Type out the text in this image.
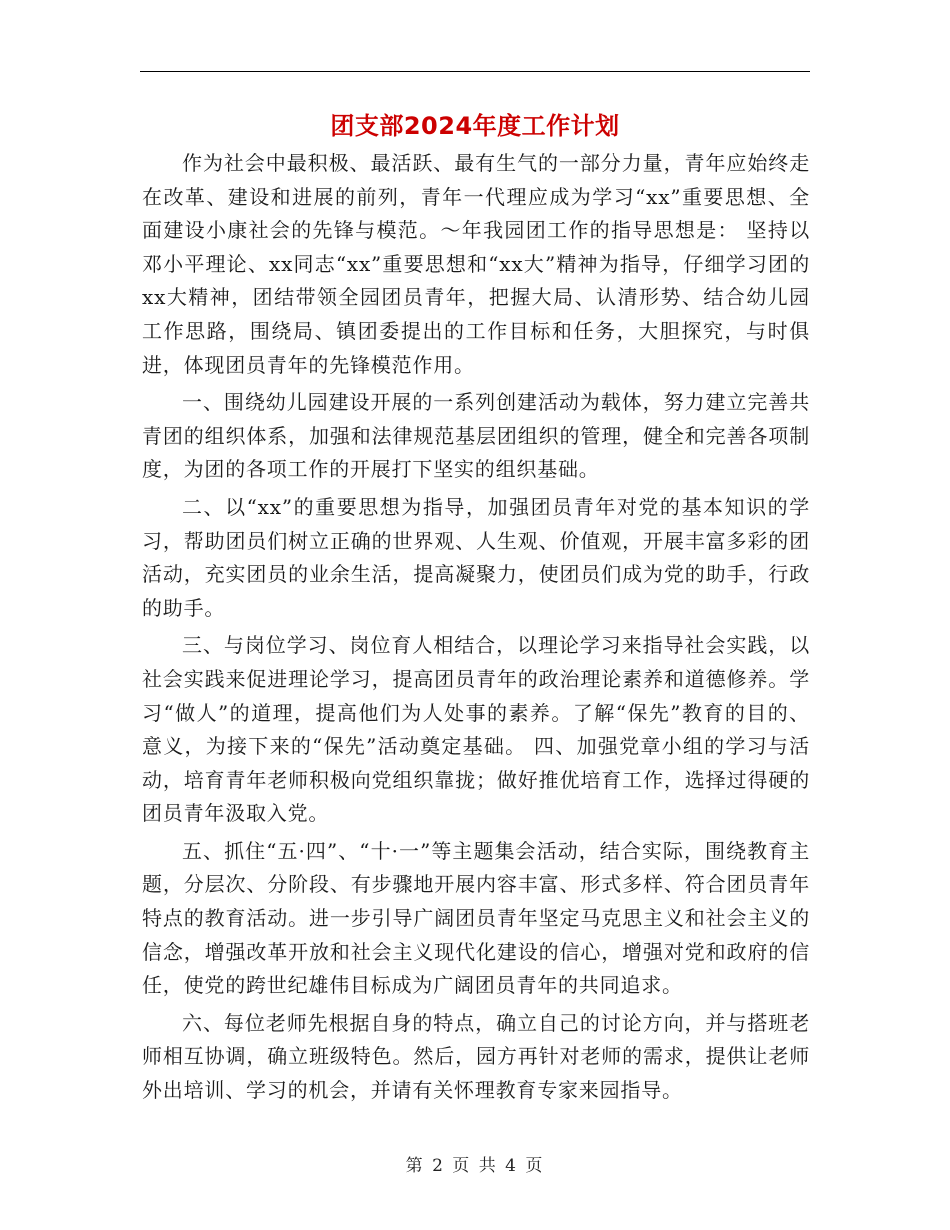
团支部2024年度工作计划

作为社会中最积极、最活跃、最有生气的一部分力量，青年应始终走在改革、建设和进展的前列，青年一代理应成为学习“xx”重要思想、全面建设小康社会的先锋与模范。～年我园团工作的指导思想是： 坚持以邓小平理论、xx同志“xx”重要思想和“xx大”精神为指导，仔细学习团的xx大精神，团结带领全园团员青年，把握大局、认清形势、结合幼儿园工作思路，围绕局、镇团委提出的工作目标和任务，大胆探究，与时俱进，体现团员青年的先锋模范作用。

一、围绕幼儿园建设开展的一系列创建活动为载体，努力建立完善共青团的组织体系，加强和法律规范基层团组织的管理，健全和完善各项制度，为团的各项工作的开展打下坚实的组织基础。

二、以“xx”的重要思想为指导，加强团员青年对党的基本知识的学习，帮助团员们树立正确的世界观、人生观、价值观，开展丰富多彩的团活动，充实团员的业余生活，提高凝聚力，使团员们成为党的助手，行政的助手。

三、与岗位学习、岗位育人相结合，以理论学习来指导社会实践，以社会实践来促进理论学习，提高团员青年的政治理论素养和道德修养。学习“做人”的道理，提高他们为人处事的素养。了解“保先”教育的目的、意义，为接下来的“保先”活动奠定基础。 四、加强党章小组的学习与活动，培育青年老师积极向党组织靠拢；做好推优培育工作，选择过得硬的团员青年汲取入党。

五、抓住“五·四”、“十·一”等主题集会活动，结合实际，围绕教育主题，分层次、分阶段、有步骤地开展内容丰富、形式多样、符合团员青年特点的教育活动。进一步引导广阔团员青年坚定马克思主义和社会主义的信念，增强改革开放和社会主义现代化建设的信心，增强对党和政府的信任，使党的跨世纪雄伟目标成为广阔团员青年的共同追求。

六、每位老师先根据自身的特点，确立自己的讨论方向，并与搭班老师相互协调，确立班级特色。然后，园方再针对老师的需求，提供让老师外出培训、学习的机会，并请有关怀理教育专家来园指导。

第 2 页 共 4 页
